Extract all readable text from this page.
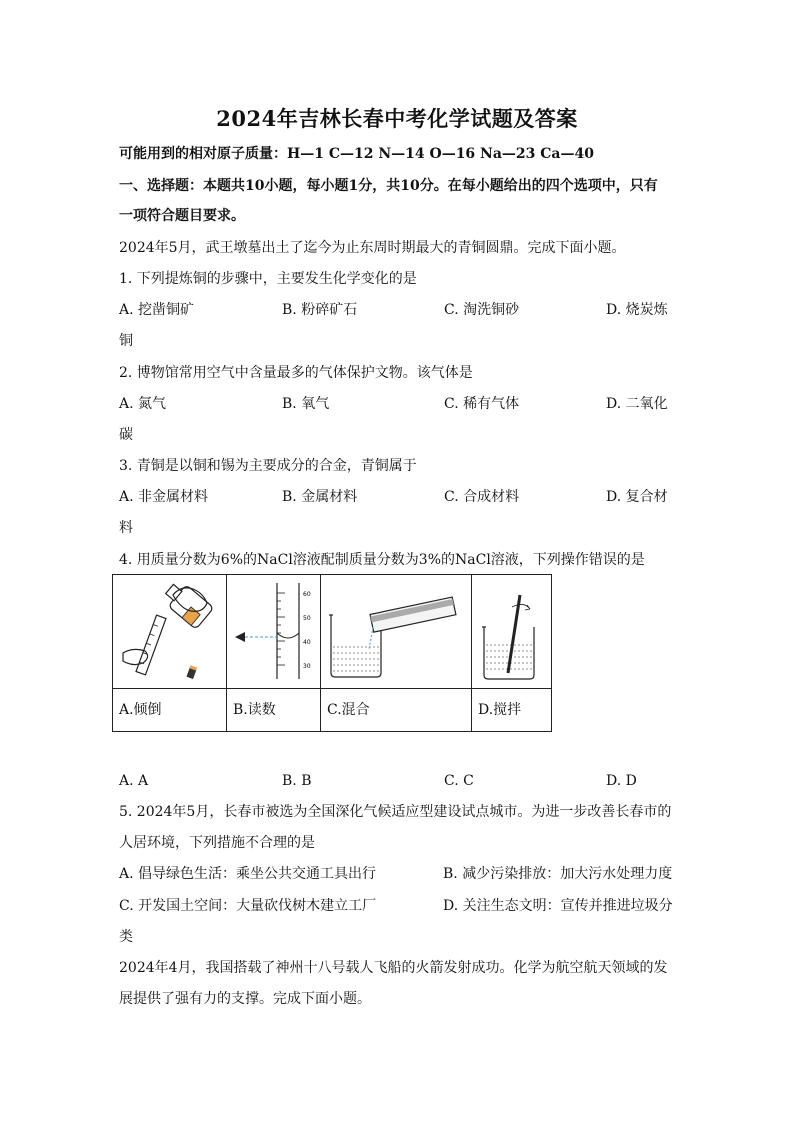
2024年吉林长春中考化学试题及答案
可能用到的相对原子质量：H—1 C—12 N—14 O—16 Na—23 Ca—40
一、选择题：本题共10小题，每小题1分，共10分。在每小题给出的四个选项中，只有
一项符合题目要求。
2024年5月，武王墩墓出土了迄今为止东周时期最大的青铜圆鼎。完成下面小题。
1. 下列提炼铜的步骤中，主要发生化学变化的是
A. 挖凿铜矿	B. 粉碎矿石	C. 淘洗铜砂	D. 烧炭炼
铜
2. 博物馆常用空气中含量最多的气体保护文物。该气体是
A. 氮气	B. 氧气	C. 稀有气体	D. 二氧化
碳
3. 青铜是以铜和锡为主要成分的合金，青铜属于
A. 非金属材料	B. 金属材料	C. 合成材料	D. 复合材
料
4. 用质量分数为6%的NaCl溶液配制质量分数为3%的NaCl溶液，下列操作错误的是
60
50
40
30
A.倾倒	B.读数	C.混合	D.搅拌
A. A	B. B	C. C	D. D
5. 2024年5月，长春市被选为全国深化气候适应型建设试点城市。为进一步改善长春市的
人居环境，下列措施不合理的是
A. 倡导绿色生活：乘坐公共交通工具出行	B. 减少污染排放：加大污水处理力度
C. 开发国土空间：大量砍伐树木建立工厂	D. 关注生态文明：宣传并推进垃圾分
类
2024年4月，我国搭载了神州十八号载人飞船的火箭发射成功。化学为航空航天领域的发
展提供了强有力的支撑。完成下面小题。
